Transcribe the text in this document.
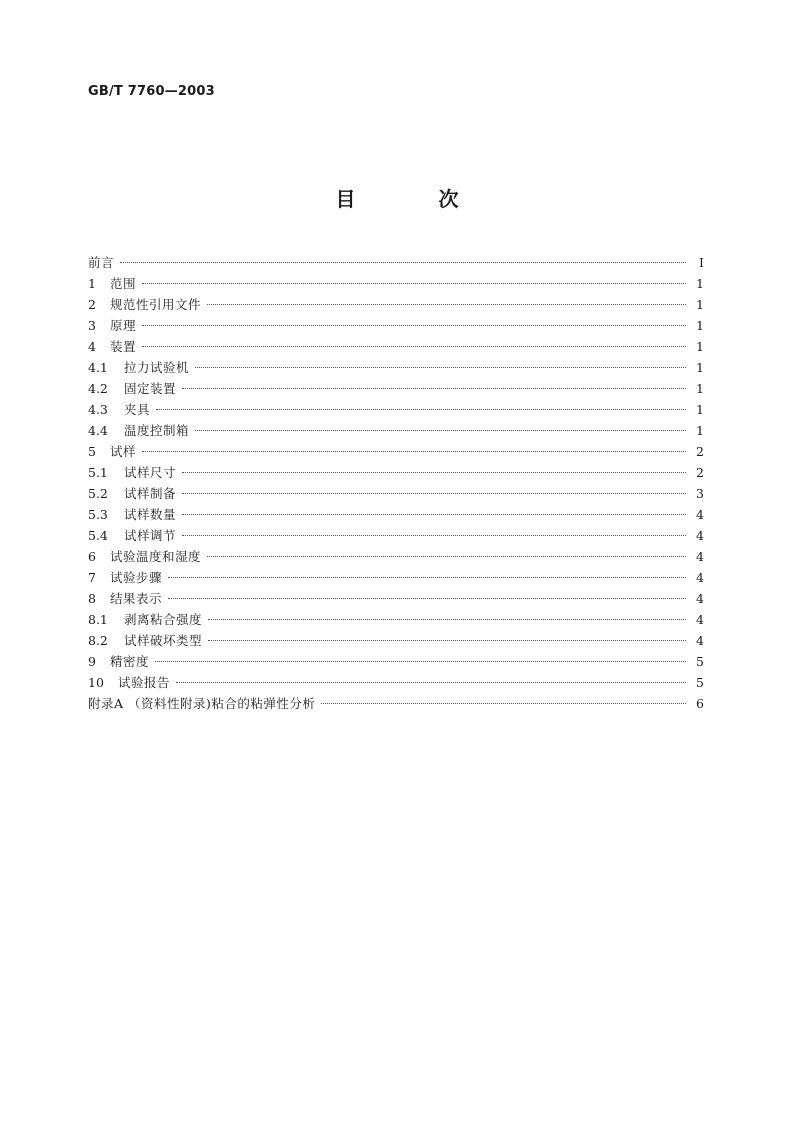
GB/T 7760—2003
目 次
前言	I
1	范围	1
2	规范性引用文件	1
3	原理	1
4	装置	1
4.1	拉力试验机	1
4.2	固定装置	1
4.3	夹具	1
4.4	温度控制箱	1
5	试样	2
5.1	试样尺寸	2
5.2	试样制备	3
5.3	试样数量	4
5.4	试样调节	4
6	试验温度和湿度	4
7	试验步骤	4
8	结果表示	4
8.1	剥离粘合强度	4
8.2	试样破坏类型	4
9	精密度	5
10	试验报告	5
附录A （资料性附录)粘合的粘弹性分析	6
